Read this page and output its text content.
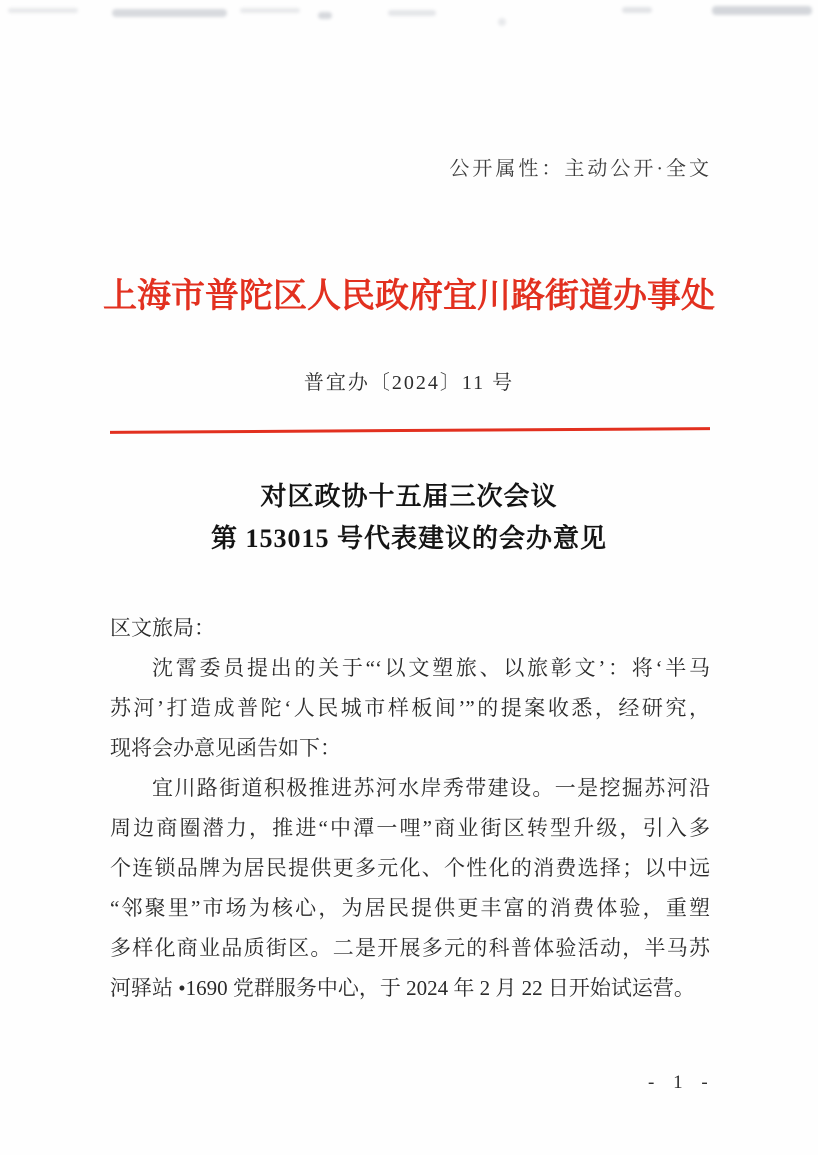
公开属性：主动公开·全文
上海市普陀区人民政府宜川路街道办事处
普宜办〔2024〕11 号
对区政协十五届三次会议
第 153015 号代表建议的会办意见
区文旅局：
沈霄委员提出的关于“‘以文塑旅、以旅彰文’：将‘半马
苏河’打造成普陀‘人民城市样板间’”的提案收悉，经研究，
现将会办意见函告如下：
宜川路街道积极推进苏河水岸秀带建设。一是挖掘苏河沿
周边商圈潜力，推进“中潭一哩”商业街区转型升级，引入多
个连锁品牌为居民提供更多元化、个性化的消费选择；以中远
“邻聚里”市场为核心，为居民提供更丰富的消费体验，重塑
多样化商业品质街区。二是开展多元的科普体验活动，半马苏
河驿站 •1690 党群服务中心，于 2024 年 2 月 22 日开始试运营。
- 1 -
